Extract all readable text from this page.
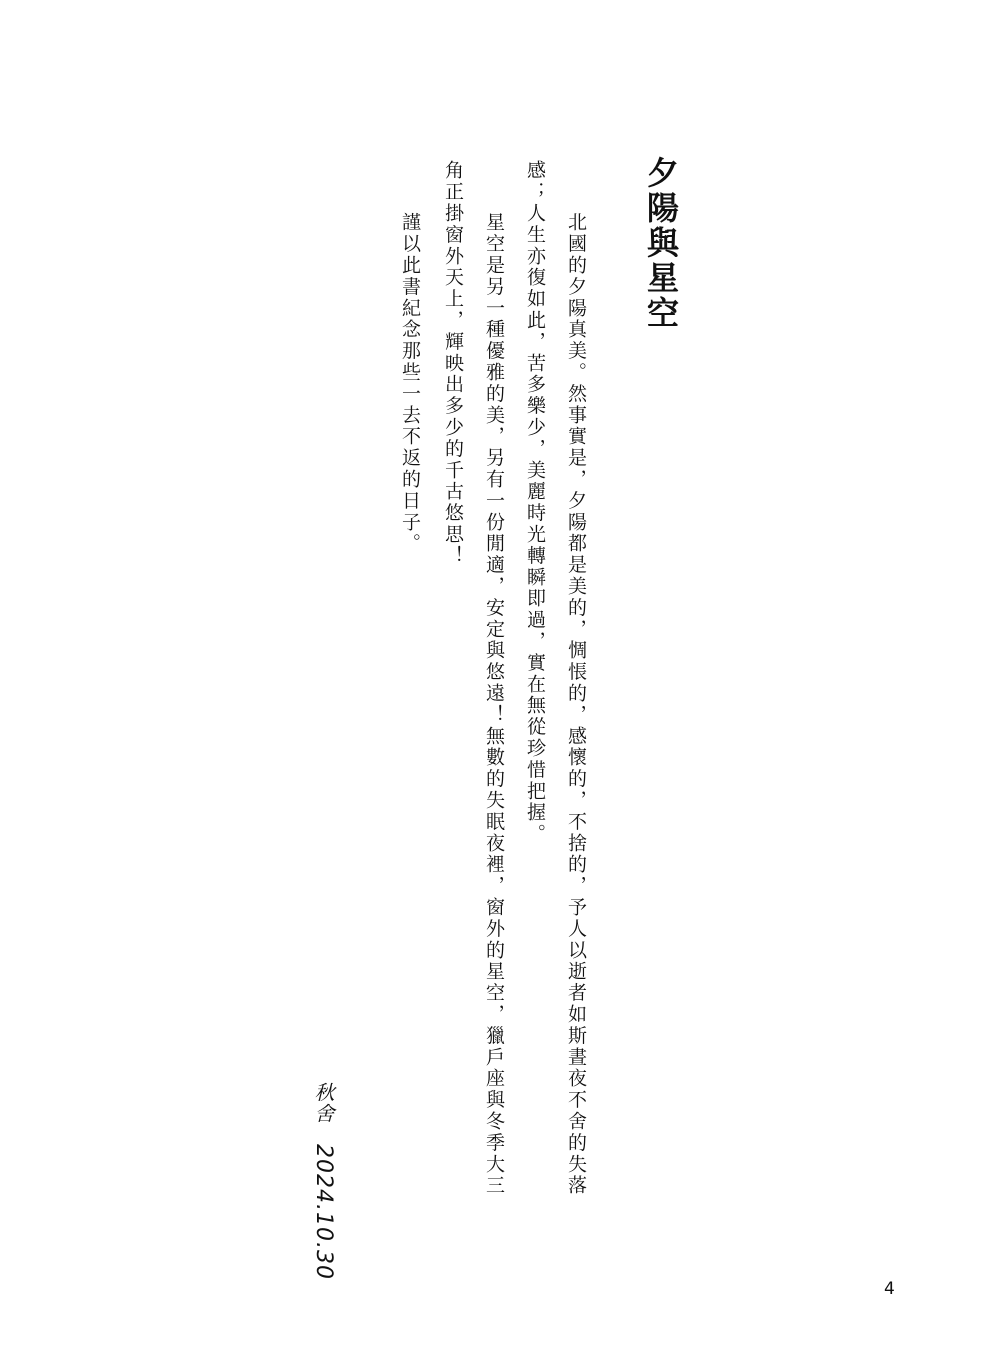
夕陽與星空

北國的夕陽真美。然事實是，夕陽都是美的，惆悵的，感懷的，不捨的，予人以逝者如斯晝夜不舍的失落

感；人生亦復如此，苦多樂少，美麗時光轉瞬即過，實在無從珍惜把握。

星空是另一種優雅的美，另有一份閒適，安定與悠遠！無數的失眠夜裡，窗外的星空，獵戶座與冬季大三

角正掛窗外天上，輝映出多少的千古悠思！

謹以此書紀念那些一去不返的日子。

秋舍2024.10.30
4
